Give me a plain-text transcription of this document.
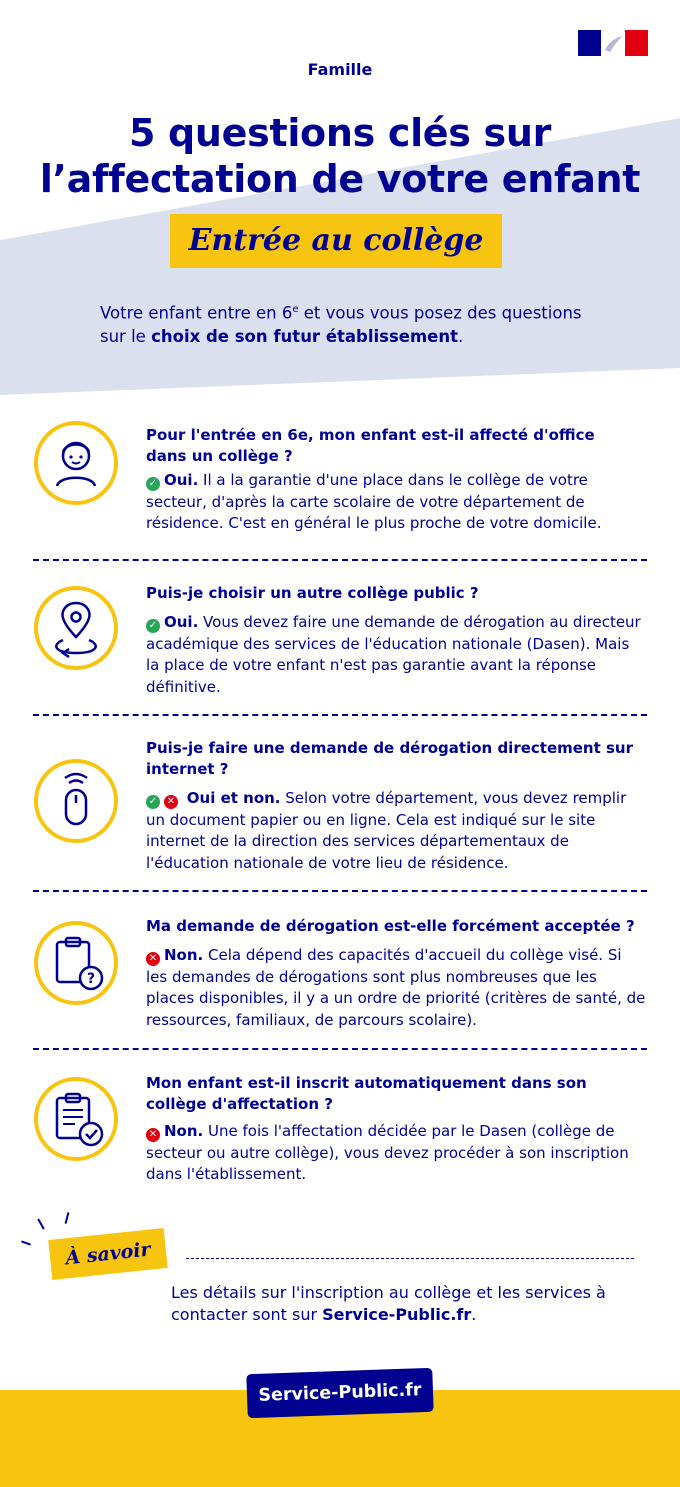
Famille
5 questions clés sur
l’affectation de votre enfant
Entrée au collège
Votre enfant entre en 6e et vous vous posez des questions
sur le choix de son futur établissement.
Pour l'entrée en 6e, mon enfant est-il affecté d'office dans un collège ?
✓ Oui. Il a la garantie d'une place dans le collège de votre secteur, d'après la carte scolaire de votre département de résidence. C'est en général le plus proche de votre domicile.
Puis-je choisir un autre collège public ?
✓ Oui. Vous devez faire une demande de dérogation au directeur académique des services de l'éducation nationale (Dasen). Mais la place de votre enfant n'est pas garantie avant la réponse définitive.
Puis-je faire une demande de dérogation directement sur internet ?
✓ ✕ Oui et non. Selon votre département, vous devez remplir un document papier ou en ligne. Cela est indiqué sur le site internet de la direction des services départementaux de l'éducation nationale de votre lieu de résidence.
?
Ma demande de dérogation est-elle forcément acceptée ?
✕ Non. Cela dépend des capacités d'accueil du collège visé. Si les demandes de dérogations sont plus nombreuses que les places disponibles, il y a un ordre de priorité (critères de santé, de ressources, familiaux, de parcours scolaire).
Mon enfant est-il inscrit automatiquement dans son collège d'affectation ?
✕ Non. Une fois l'affectation décidée par le Dasen (collège de secteur ou autre collège), vous devez procéder à son inscription dans l'établissement.
À savoir
Les détails sur l'inscription au collège et les services à contacter sont sur Service-Public.fr.
Service-Public.fr
